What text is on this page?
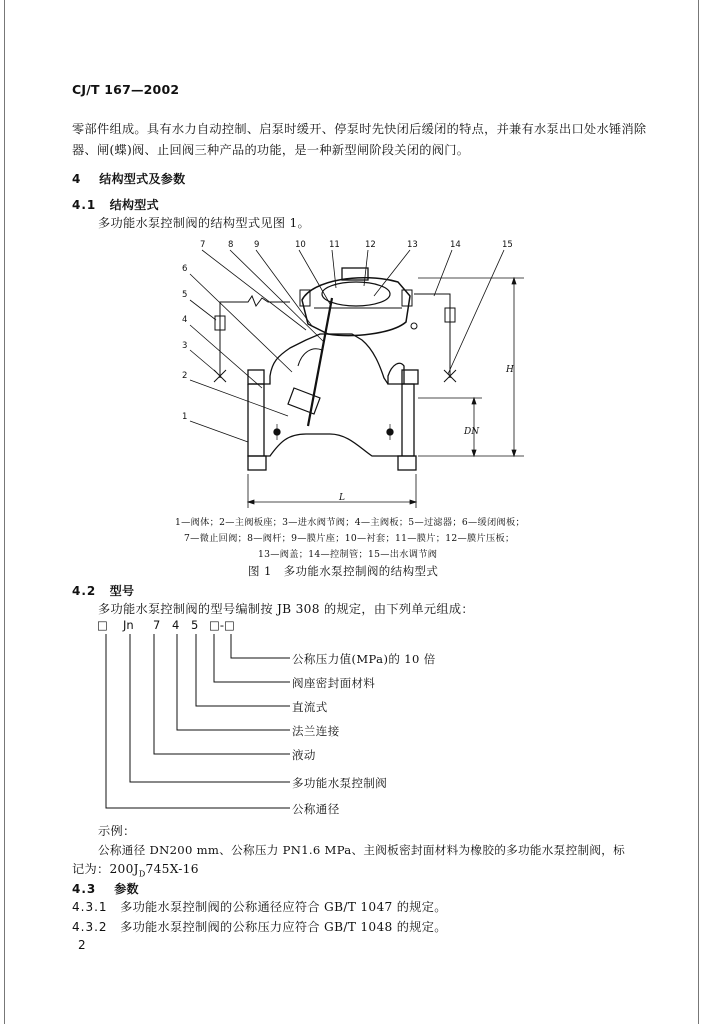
CJ/T 167—2002
零部件组成。具有水力自动控制、启泵时缓开、停泵时先快闭后缓闭的特点，并兼有水泵出口处水锤消除
器、闸(蝶)阀、止回阀三种产品的功能，是一种新型闸阶段关闭的阀门。
4 结构型式及参数
4.1 结构型式
多功能水泵控制阀的结构型式见图 1。
7	8 9	10	11	12	13	14	15
6
5
4
3
2
1
H
DN
L
1—阀体；2—主阀板座；3—进水阀节阀；4—主阀板；5—过滤器；6—缓闭阀板；
7—微止回阀；8—阀杆；9—膜片座；10—衬套；11—膜片；12—膜片压板；
13—阀盖；14—控制管；15—出水调节阀
图 1　多功能水泵控制阀的结构型式
4.2 型号
多功能水泵控制阀的型号编制按 JB 308 的规定，由下列单元组成：
□ Jn 7 4 5 □-□
公称压力值(MPa)的 10 倍
阀座密封面材料
直流式
法兰连接
液动
多功能水泵控制阀
公称通径
示例：
公称通径 DN200 mm、公称压力 PN1.6 MPa、主阀板密封面材料为橡胶的多功能水泵控制阀，标
记为：$200J_D745X-16$
4.3 参数
4.3.1 多功能水泵控制阀的公称通径应符合 GB/T 1047 的规定。
4.3.2 多功能水泵控制阀的公称压力应符合 GB/T 1048 的规定。
2
